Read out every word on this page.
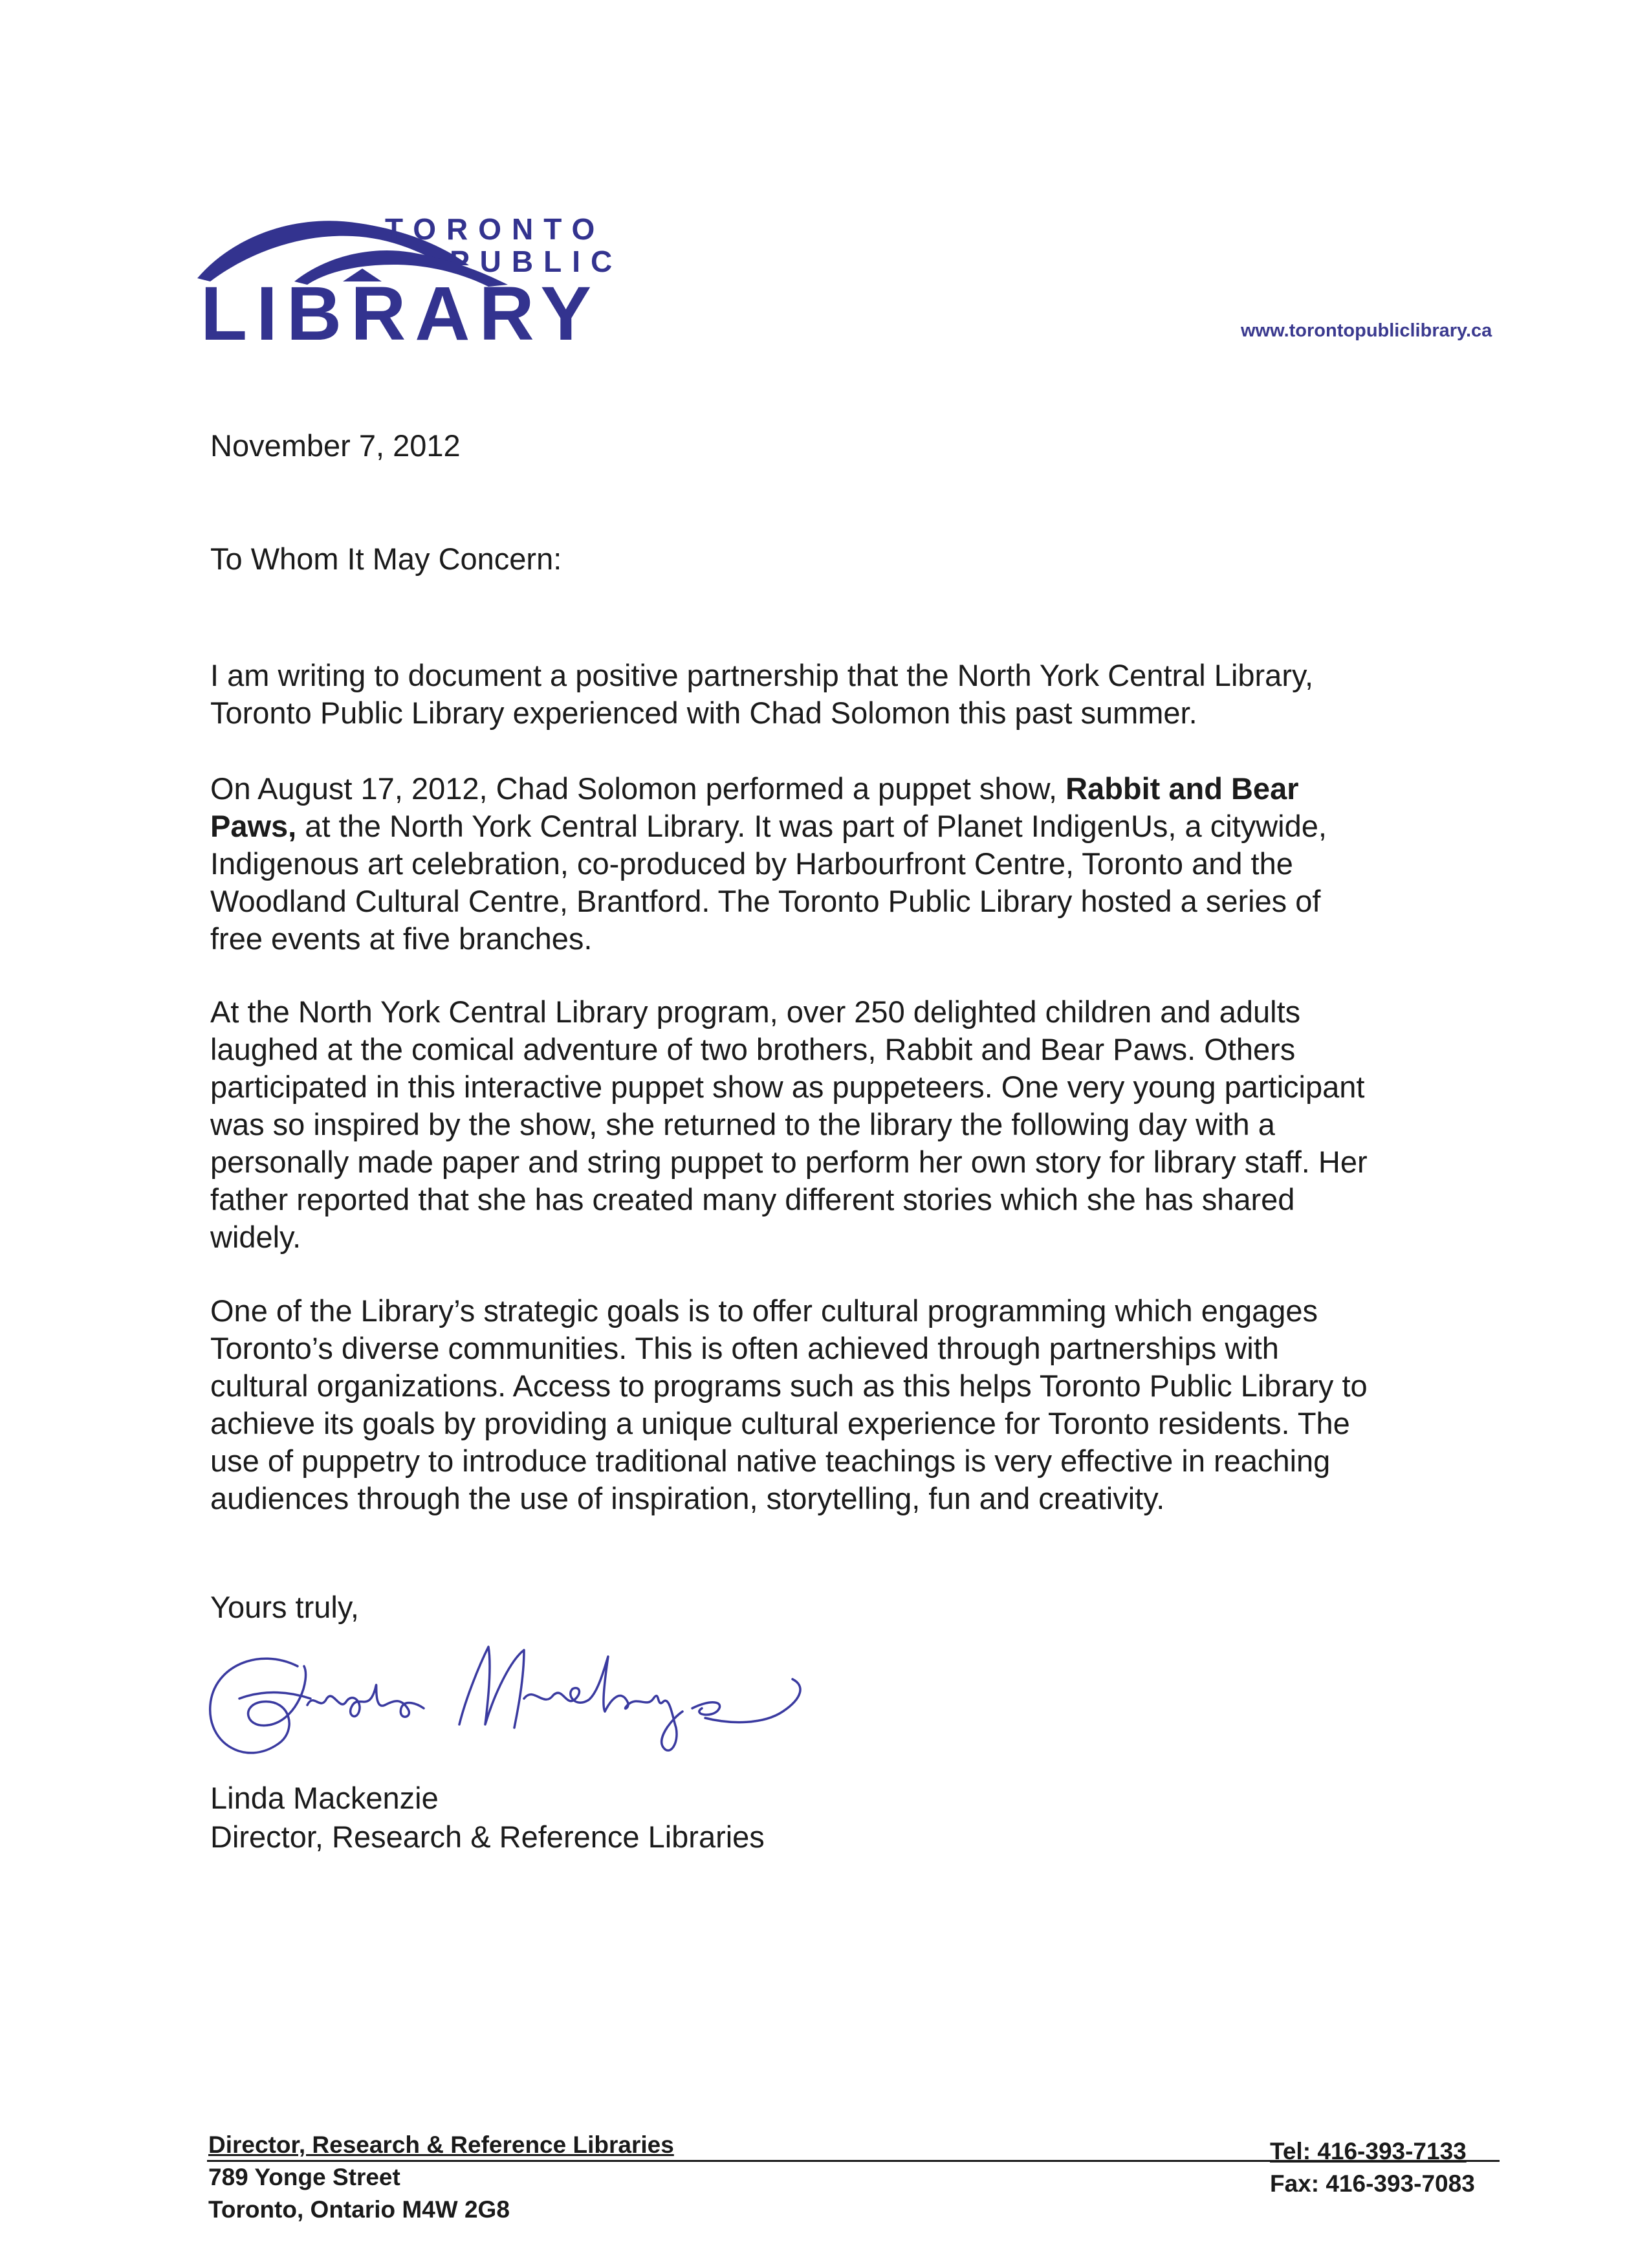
TORONTO
PUBLIC
LIBRARY	www.torontopubliclibrary.ca
November 7, 2012
To Whom It May Concern:
I am writing to document a positive partnership that the North York Central Library,
Toronto Public Library experienced with Chad Solomon this past summer.
On August 17, 2012, Chad Solomon performed a puppet show, Rabbit and Bear
Paws, at the North York Central Library. It was part of Planet IndigenUs, a citywide,
Indigenous art celebration, co-produced by Harbourfront Centre, Toronto and the
Woodland Cultural Centre, Brantford. The Toronto Public Library hosted a series of
free events at five branches.
At the North York Central Library program, over 250 delighted children and adults
laughed at the comical adventure of two brothers, Rabbit and Bear Paws. Others
participated in this interactive puppet show as puppeteers. One very young participant
was so inspired by the show, she returned to the library the following day with a
personally made paper and string puppet to perform her own story for library staff. Her
father reported that she has created many different stories which she has shared
widely.
One of the Library’s strategic goals is to offer cultural programming which engages
Toronto’s diverse communities. This is often achieved through partnerships with
cultural organizations. Access to programs such as this helps Toronto Public Library to
achieve its goals by providing a unique cultural experience for Toronto residents. The
use of puppetry to introduce traditional native teachings is very effective in reaching
audiences through the use of inspiration, storytelling, fun and creativity.
Yours truly,
Linda Mackenzie
Director, Research & Reference Libraries
Director, Research & Reference Libraries
789 Yonge Street
Toronto, Ontario M4W 2G8
Tel: 416-393-7133
Fax: 416-393-7083
